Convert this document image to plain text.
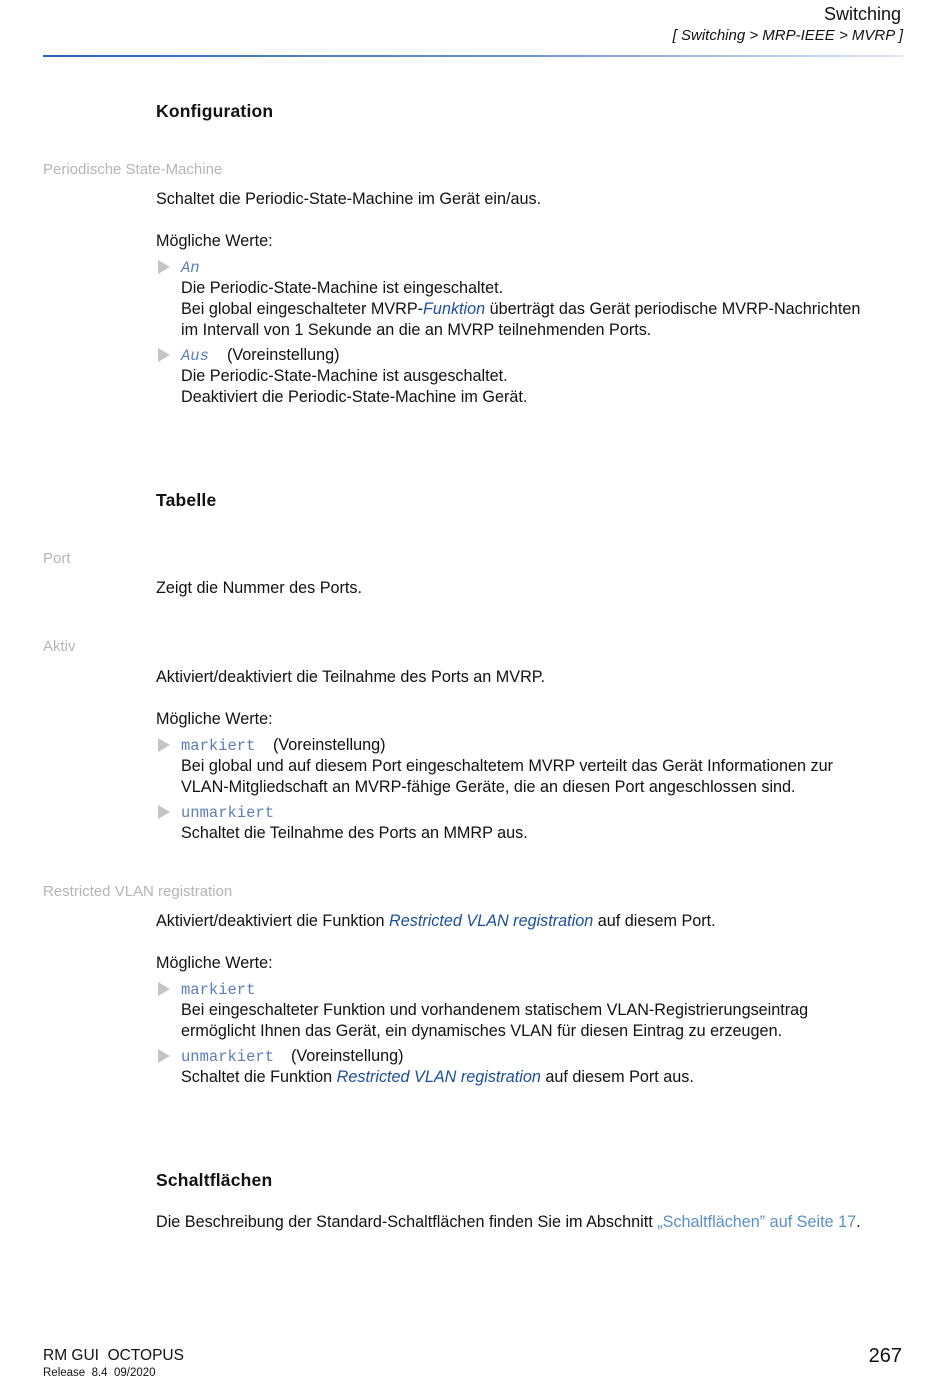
Switching
[ Switching > MRP-IEEE > MVRP ]
Konfiguration
Periodische State-Machine
Schaltet die Periodic-State-Machine im Gerät ein/aus.
Mögliche Werte:
An
Die Periodic-State-Machine ist eingeschaltet.
Bei global eingeschalteter MVRP-Funktion überträgt das Gerät periodische MVRP-Nachrichten
im Intervall von 1 Sekunde an die an MVRP teilnehmenden Ports.
Aus (Voreinstellung)
Die Periodic-State-Machine ist ausgeschaltet.
Deaktiviert die Periodic-State-Machine im Gerät.
Tabelle
Port
Zeigt die Nummer des Ports.
Aktiv
Aktiviert/deaktiviert die Teilnahme des Ports an MVRP.
Mögliche Werte:
markiert (Voreinstellung)
Bei global und auf diesem Port eingeschaltetem MVRP verteilt das Gerät Informationen zur
VLAN-Mitgliedschaft an MVRP-fähige Geräte, die an diesen Port angeschlossen sind.
unmarkiert
Schaltet die Teilnahme des Ports an MMRP aus.
Restricted VLAN registration
Aktiviert/deaktiviert die Funktion Restricted VLAN registration auf diesem Port.
Mögliche Werte:
markiert
Bei eingeschalteter Funktion und vorhandenem statischem VLAN-Registrierungseintrag
ermöglicht Ihnen das Gerät, ein dynamisches VLAN für diesen Eintrag zu erzeugen.
unmarkiert (Voreinstellung)
Schaltet die Funktion Restricted VLAN registration auf diesem Port aus.
Schaltflächen
Die Beschreibung der Standard-Schaltflächen finden Sie im Abschnitt „Schaltflächen” auf Seite 17.
RM GUI  OCTOPUS
Release  8.4  09/2020
267
